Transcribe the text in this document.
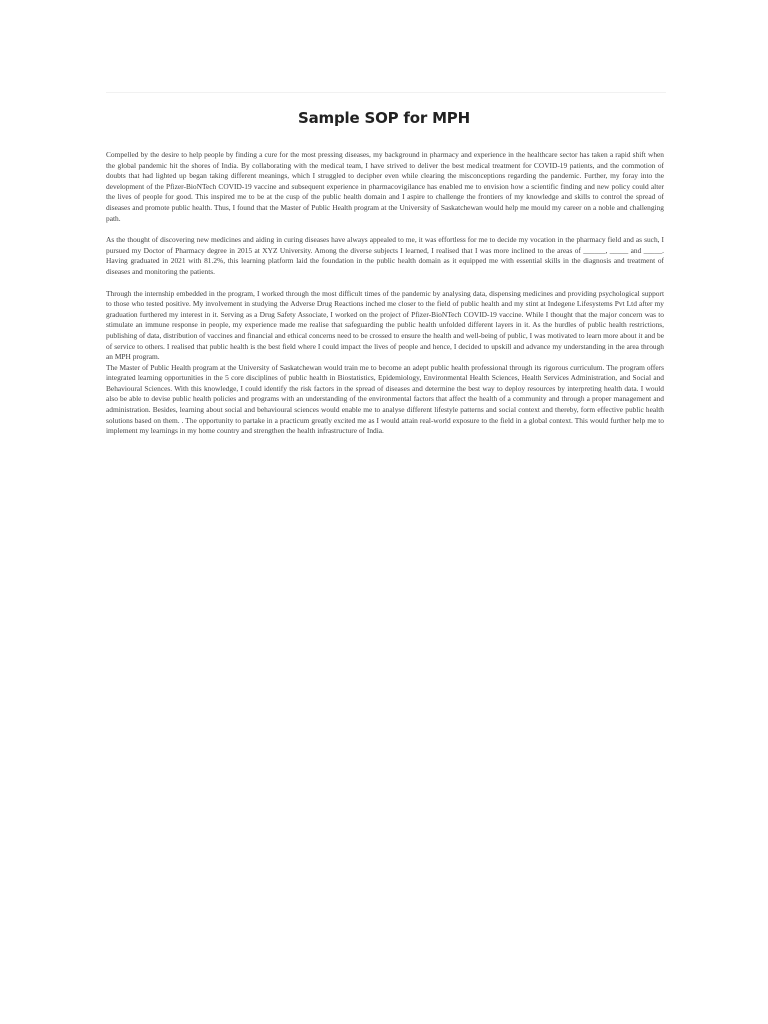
Sample SOP for MPH

Compelled by the desire to help people by finding a cure for the most pressing diseases, my background in pharmacy and experience in the healthcare sector has taken a rapid shift when the global pandemic hit the shores of India. By collaborating with the medical team, I have strived to deliver the best medical treatment for COVID-19 patients, and the commotion of doubts that had lighted up began taking different meanings, which I struggled to decipher even while clearing the misconceptions regarding the pandemic. Further, my foray into the development of the Pfizer-BioNTech COVID-19 vaccine and subsequent experience in pharmacovigilance has enabled me to envision how a scientific finding and new policy could alter the lives of people for good. This inspired me to be at the cusp of the public health domain and I aspire to challenge the frontiers of my knowledge and skills to control the spread of diseases and promote public health. Thus, I found that the Master of Public Health program at the University of Saskatchewan would help me mould my career on a noble and challenging path.

As the thought of discovering new medicines and aiding in curing diseases have always appealed to me, it was effortless for me to decide my vocation in the pharmacy field and as such, I pursued my Doctor of Pharmacy degree in 2015 at XYZ University. Among the diverse subjects I learned, I realised that I was more inclined to the areas of ______, _____ and _____. Having graduated in 2021 with 81.2%, this learning platform laid the foundation in the public health domain as it equipped me with essential skills in the diagnosis and treatment of diseases and monitoring the patients.

Through the internship embedded in the program, I worked through the most difficult times of the pandemic by analysing data, dispensing medicines and providing psychological support to those who tested positive. My involvement in studying the Adverse Drug Reactions inched me closer to the field of public health and my stint at Indegene Lifesystems Pvt Ltd after my graduation furthered my interest in it. Serving as a Drug Safety Associate, I worked on the project of Pfizer-BioNTech COVID-19 vaccine. While I thought that the major concern was to stimulate an immune response in people, my experience made me realise that safeguarding the public health unfolded different layers in it. As the hurdles of public health restrictions, publishing of data, distribution of vaccines and financial and ethical concerns need to be crossed to ensure the health and well-being of public, I was motivated to learn more about it and be of service to others. I realised that public health is the best field where I could impact the lives of people and hence, I decided to upskill and advance my understanding in the area through an MPH program.

The Master of Public Health program at the University of Saskatchewan would train me to become an adept public health professional through its rigorous curriculum. The program offers integrated learning opportunities in the 5 core disciplines of public health in Biostatistics, Epidemiology, Environmental Health Sciences, Health Services Administration, and Social and Behavioural Sciences. With this knowledge, I could identify the risk factors in the spread of diseases and determine the best way to deploy resources by interpreting health data. I would also be able to devise public health policies and programs with an understanding of the environmental factors that affect the health of a community and through a proper management and administration. Besides, learning about social and behavioural sciences would enable me to analyse different lifestyle patterns and social context and thereby, form effective public health solutions based on them. . The opportunity to partake in a practicum greatly excited me as I would attain real-world exposure to the field in a global context. This would further help me to implement my learnings in my home country and strengthen the health infrastructure of India.
